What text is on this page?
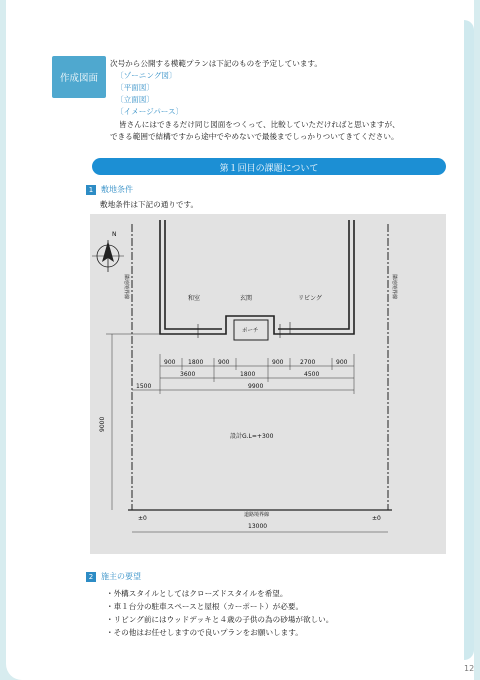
作成図面
次号から公開する模範プランは下記のものを予定しています。
〔ゾーニング図〕
〔平面図〕
〔立面図〕
〔イメージパース〕
皆さんにはできるだけ同じ図面をつくって、比較していただければと思いますが、
できる範囲で結構ですから途中でやめないで最後までしっかりついてきてください。
第１回目の課題について
1 敷地条件
敷地条件は下記の通りです。
N
隣地境界線	隣地境界線
和室	玄関	リビング
ポーチ
900 1800 900	900	2700	900
3600	1800	4500
1500	9900
9000
設計G.L=+300
±0	±0
道路境界線
13000
2 施主の要望
・外構スタイルとしてはクローズドスタイルを希望。
・車１台分の駐車スペースと屋根（カーポート）が必要。
・リビング前にはウッドデッキと４歳の子供の為の砂場が欲しい。
・その他はお任せしますので良いプランをお願いします。
12
